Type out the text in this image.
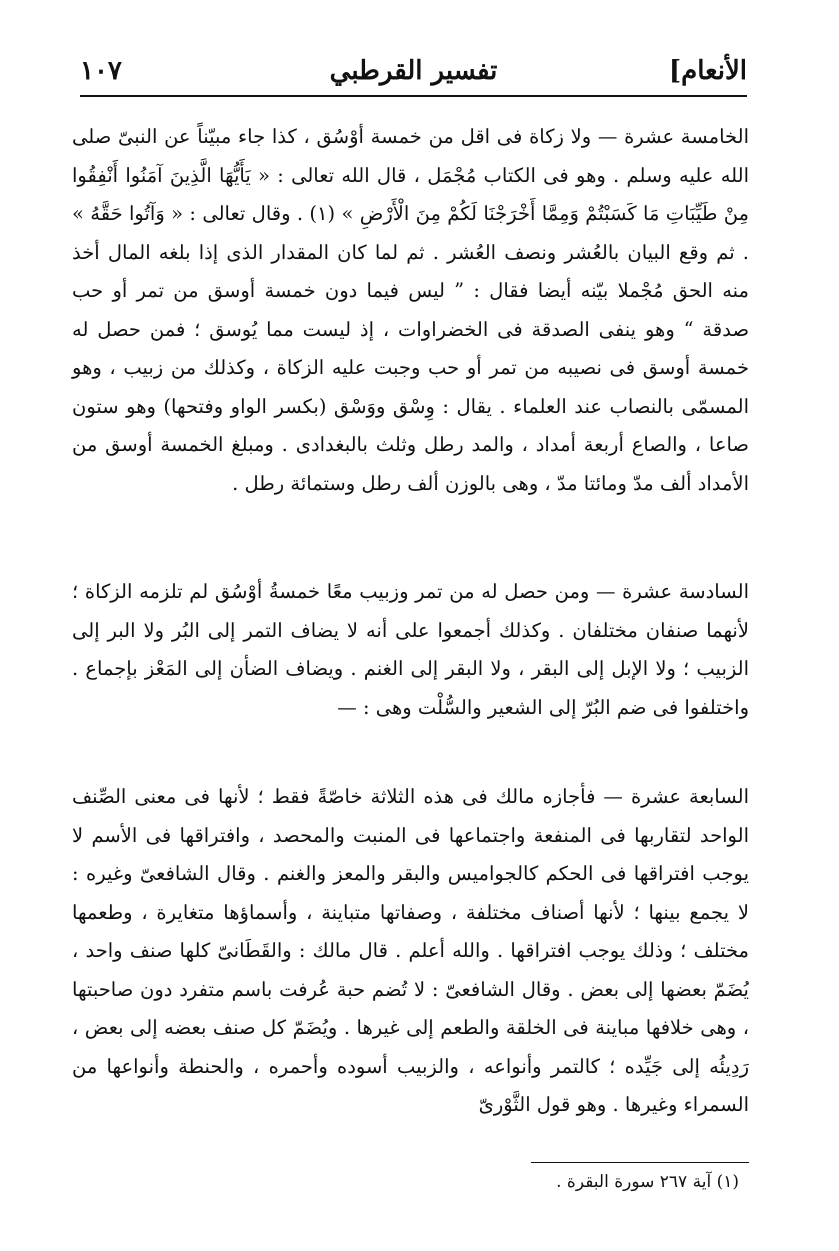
الأنعام]
تفسير القرطبي
١٠٧

الخامسة عشرة — ولا زكاة فى اقل من خمسة أوْسُق ، كذا جاء مبيّناً عن النبىّ صلى الله عليه وسلم . وهو فى الكتاب مُجْمَل ، قال الله تعالى : « يَأَيُّهَا الَّذِينَ آمَنُوا أَنْفِقُوا مِنْ طَيِّبَاتِ مَا كَسَبْتُمْ وَمِمَّا أَخْرَجْنَا لَكُمْ مِنَ الْأَرْضِ » (١) . وقال تعالى : « وَآتُوا حَقَّهُ » . ثم وقع البيان بالعُشر ونصف العُشر . ثم لما كان المقدار الذى إذا بلغه المال أخذ منه الحق مُجْملا بيّنه أيضا فقال : ” ليس فيما دون خمسة أوسق من تمر أو حب صدقة “ وهو ينفى الصدقة فى الخضراوات ، إذ ليست مما يُوسق ؛ فمن حصل له خمسة أوسق فى نصيبه من تمر أو حب وجبت عليه الزكاة ، وكذلك من زبيب ، وهو المسمّى بالنصاب عند العلماء . يقال : وِسْق ووَسْق (بكسر الواو وفتحها) وهو ستون صاعا ، والصاع أربعة أمداد ، والمد رطل وثلث بالبغدادى . ومبلغ الخمسة أوسق من الأمداد ألف مدّ ومائتا مدّ ، وهى بالوزن ألف رطل وستمائة رطل .

السادسة عشرة — ومن حصل له من تمر وزبيب معًا خمسةُ أوْسُق لم تلزمه الزكاة ؛ لأنهما صنفان مختلفان . وكذلك أجمعوا على أنه لا يضاف التمر إلى البُر ولا البر إلى الزبيب ؛ ولا الإبل إلى البقر ، ولا البقر إلى الغنم . ويضاف الضأن إلى المَعْز بإجماع . واختلفوا فى ضم البُرّ إلى الشعير والسُّلْت وهى : —

السابعة عشرة — فأجازه مالك فى هذه الثلاثة خاصّةً فقط ؛ لأنها فى معنى الصِّنف الواحد لتقاربها فى المنفعة واجتماعها فى المنبت والمحصد ، وافتراقها فى الأسم لا يوجب افتراقها فى الحكم كالجواميس والبقر والمعز والغنم . وقال الشافعىّ وغيره : لا يجمع بينها ؛ لأنها أصناف مختلفة ، وصفاتها متباينة ، وأسماؤها متغايرة ، وطعمها مختلف ؛ وذلك يوجب افتراقها . والله أعلم . قال مالك : والقَطَانىّ كلها صنف واحد ، يُضَمّ بعضها إلى بعض . وقال الشافعىّ : لا تُضم حبة عُرفت باسم متفرد دون صاحبتها ، وهى خلافها مباينة فى الخلقة والطعم إلى غيرها . ويُضَمّ كل صنف بعضه إلى بعض ، رَدِيئُه إلى جَيِّده ؛ كالتمر وأنواعه ، والزبيب أسوده وأحمره ، والحنطة وأنواعها من السمراء وغيرها . وهو قول الثَّوْرىّ

(١) آية ٢٦٧ سورة البقرة .
